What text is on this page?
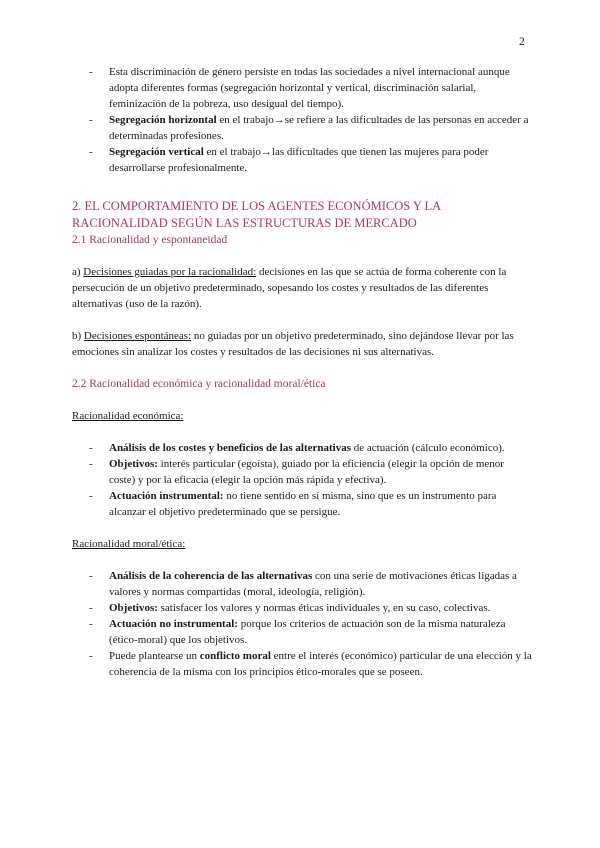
2
- Esta discriminación de género persiste en todas las sociedades a nivel internacional aunque adopta diferentes formas (segregación horizontal y vertical, discriminación salarial, feminización de la pobreza, uso desigual del tiempo).
- Segregación horizontal en el trabajo→se refiere a las dificultades de las personas en acceder a determinadas profesiones.
- Segregación vertical en el trabajo→las dificultades que tienen las mujeres para poder desarrollarse profesionalmente.

2. EL COMPORTAMIENTO DE LOS AGENTES ECONÓMICOS Y LA RACIONALIDAD SEGÚN LAS ESTRUCTURAS DE MERCADO

2.1 Racionalidad y espontaneidad

a) Decisiones guiadas por la racionalidad: decisiones en las que se actúa de forma coherente con la persecución de un objetivo predeterminado, sopesando los costes y resultados de las diferentes alternativas (uso de la razón).

b) Decisiones espontáneas: no guiadas por un objetivo predeterminado, sino dejándose llevar por las emociones sin analizar los costes y resultados de las decisiones ni sus alternativas.

2.2 Racionalidad económica y racionalidad moral/ética

Racionalidad económica:

- Análisis de los costes y beneficios de las alternativas de actuación (cálculo económico).
- Objetivos: interés particular (egoísta), guiado por la eficiencia (elegir la opción de menor coste) y por la eficacia (elegir la opción más rápida y efectiva).
- Actuación instrumental: no tiene sentido en sí misma, sino que es un instrumento para alcanzar el objetivo predeterminado que se persigue.

Racionalidad moral/ética:

- Análisis de la coherencia de las alternativas con una serie de motivaciones éticas ligadas a valores y normas compartidas (moral, ideología, religión).
- Objetivos: satisfacer los valores y normas éticas individuales y, en su caso, colectivas.
- Actuación no instrumental: porque los criterios de actuación son de la misma naturaleza (ético-moral) que los objetivos.
- Puede plantearse un conflicto moral entre el interés (económico) particular de una elección y la coherencia de la misma con los principios ético-morales que se poseen.
